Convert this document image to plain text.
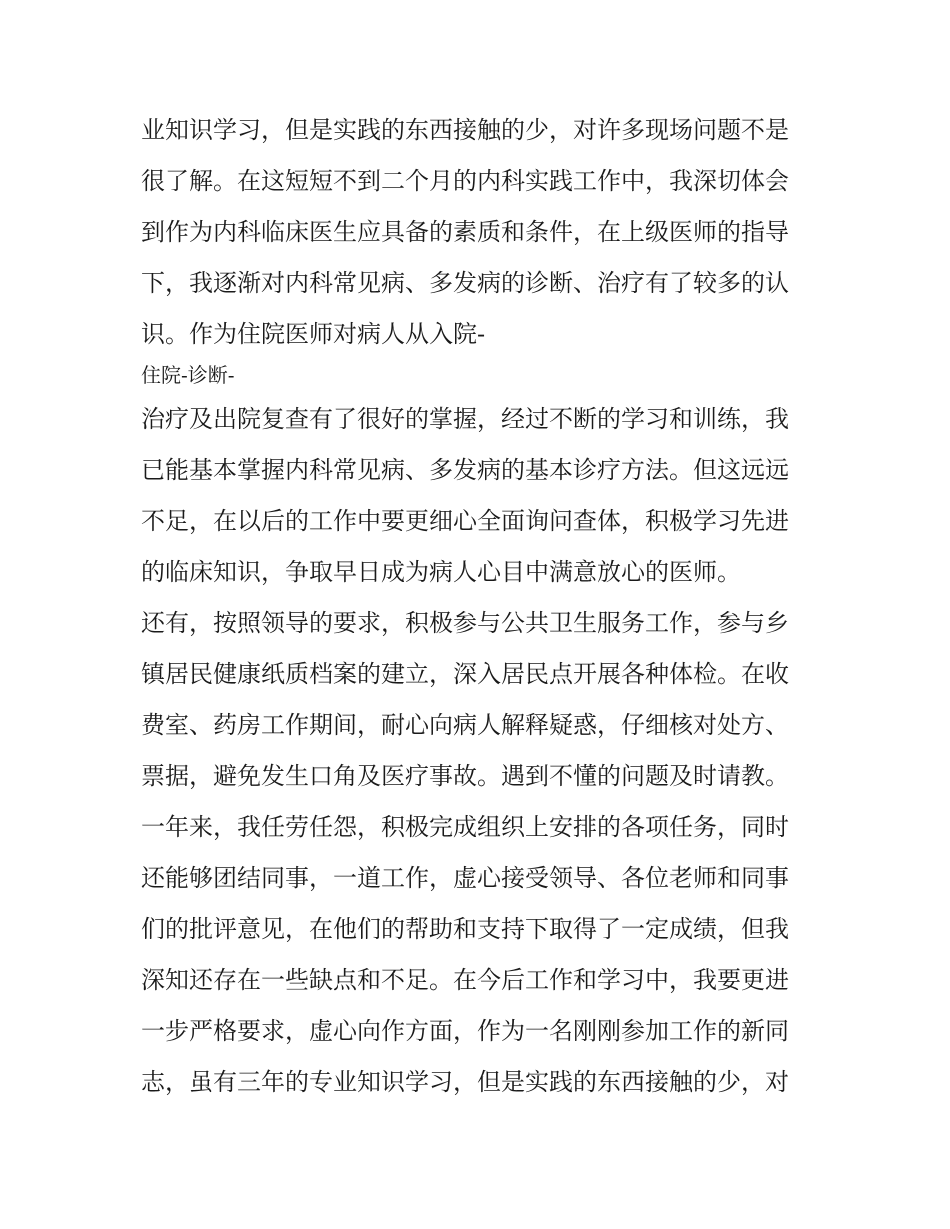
业知识学习，但是实践的东西接触的少，对许多现场问题不是

很了解。在这短短不到二个月的内科实践工作中，我深切体会

到作为内科临床医生应具备的素质和条件，在上级医师的指导

下，我逐渐对内科常见病、多发病的诊断、治疗有了较多的认

识。作为住院医师对病人从入院-

住院-诊断-

治疗及出院复查有了很好的掌握，经过不断的学习和训练，我

已能基本掌握内科常见病、多发病的基本诊疗方法。但这远远

不足，在以后的工作中要更细心全面询问查体，积极学习先进

的临床知识，争取早日成为病人心目中满意放心的医师。

还有，按照领导的要求，积极参与公共卫生服务工作，参与乡

镇居民健康纸质档案的建立，深入居民点开展各种体检。在收

费室、药房工作期间，耐心向病人解释疑惑，仔细核对处方、

票据，避免发生口角及医疗事故。遇到不懂的问题及时请教。

一年来，我任劳任怨，积极完成组织上安排的各项任务，同时

还能够团结同事，一道工作，虚心接受领导、各位老师和同事

们的批评意见，在他们的帮助和支持下取得了一定成绩，但我

深知还存在一些缺点和不足。在今后工作和学习中，我要更进

一步严格要求，虚心向作方面，作为一名刚刚参加工作的新同

志，虽有三年的专业知识学习，但是实践的东西接触的少，对
